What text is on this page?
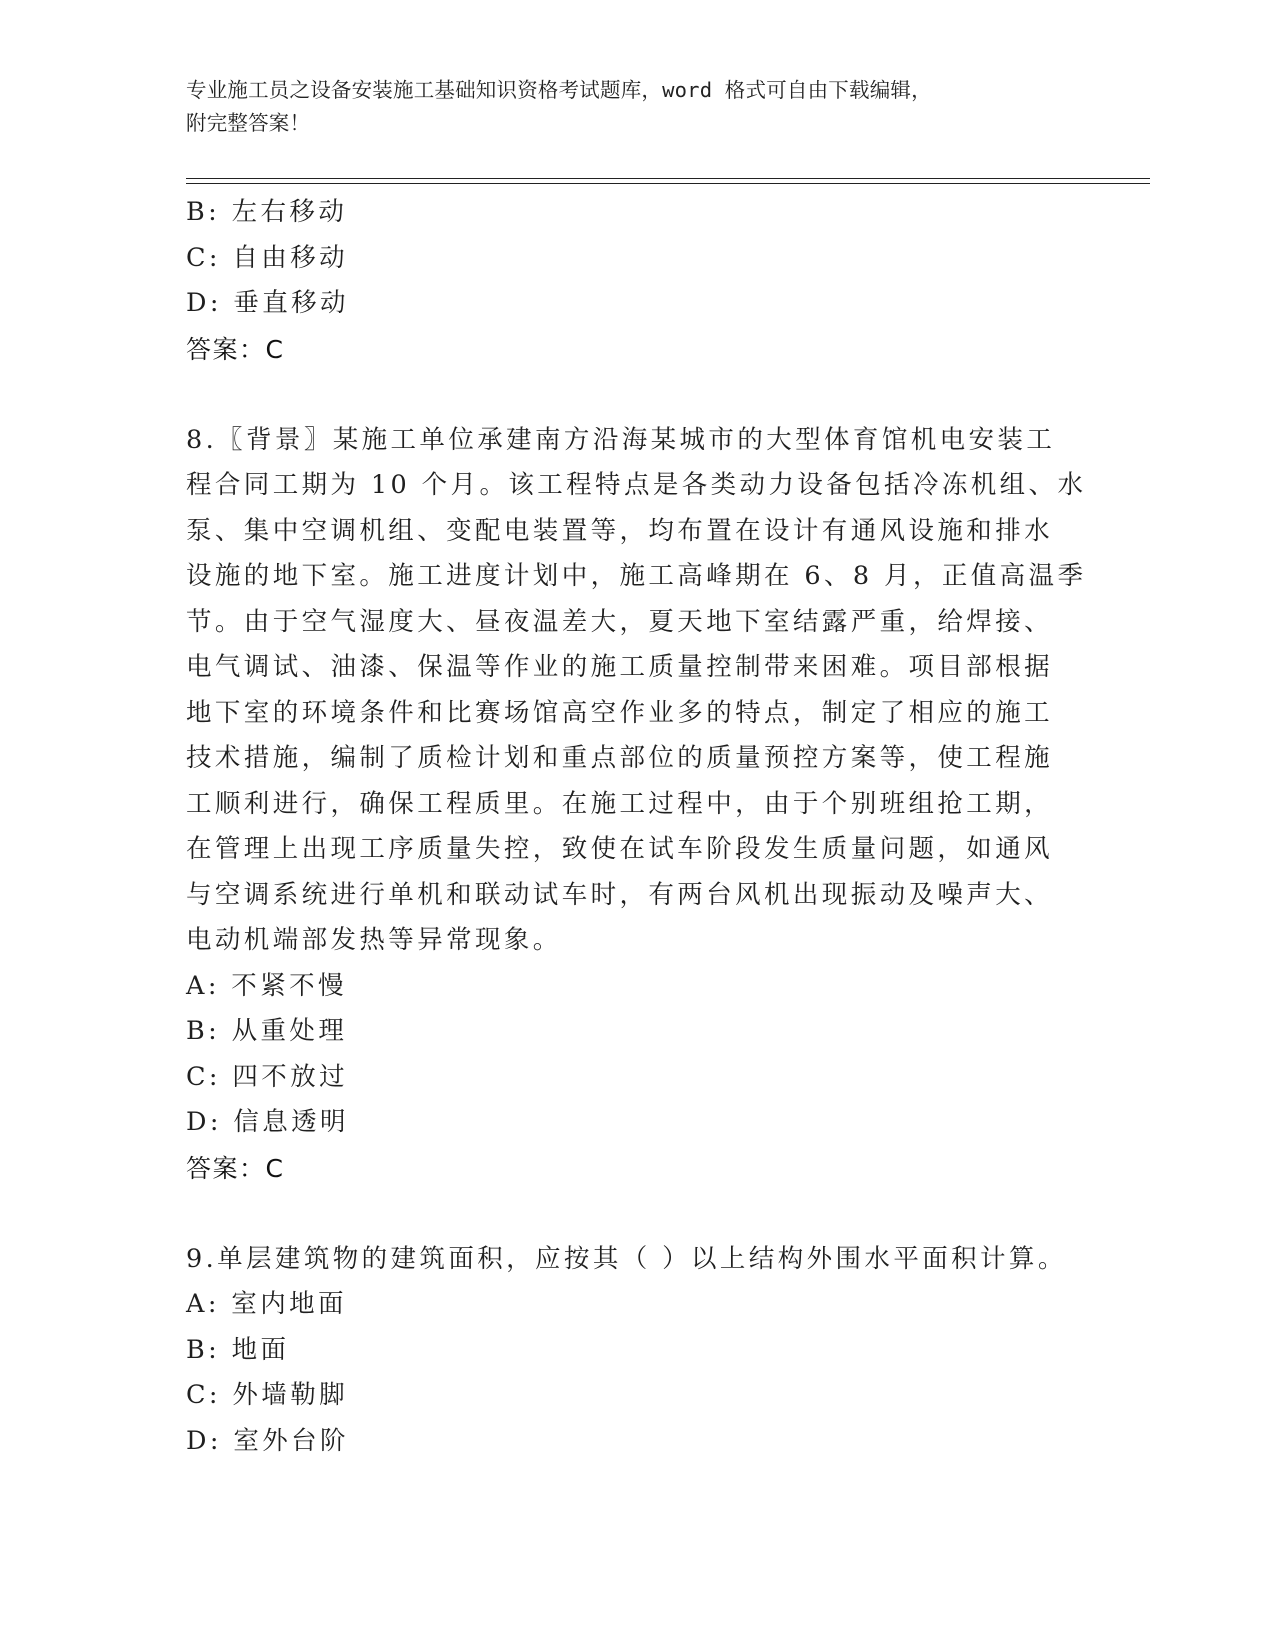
专业施工员之设备安装施工基础知识资格考试题库，word 格式可自由下载编辑，
附完整答案！
B: 左右移动
C: 自由移动
D: 垂直移动
答案：C
8.〖背景〗某施工单位承建南方沿海某城市的大型体育馆机电安装工
程合同工期为 10 个月。该工程特点是各类动力设备包括冷冻机组、水
泵、集中空调机组、变配电装置等，均布置在设计有通风设施和排水
设施的地下室。施工进度计划中，施工高峰期在 6、8 月，正值高温季
节。由于空气湿度大、昼夜温差大，夏天地下室结露严重，给焊接、
电气调试、油漆、保温等作业的施工质量控制带来困难。项目部根据
地下室的环境条件和比赛场馆高空作业多的特点，制定了相应的施工
技术措施，编制了质检计划和重点部位的质量预控方案等，使工程施
工顺利进行，确保工程质里。在施工过程中，由于个别班组抢工期，
在管理上出现工序质量失控，致使在试车阶段发生质量问题，如通风
与空调系统进行单机和联动试车时，有两台风机出现振动及噪声大、
电动机端部发热等异常现象。
A: 不紧不慢
B: 从重处理
C: 四不放过
D: 信息透明
答案：C
9.单层建筑物的建筑面积，应按其（ ）以上结构外围水平面积计算。
A: 室内地面
B: 地面
C: 外墙勒脚
D: 室外台阶
